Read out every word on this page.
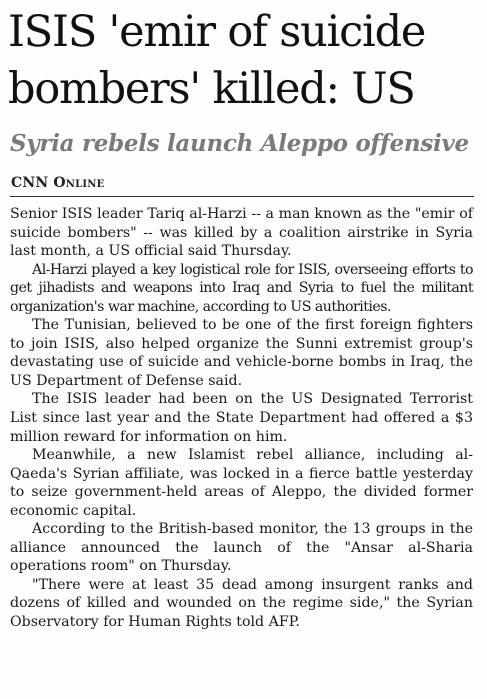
ISIS 'emir of suicide bombers' killed: US
Syria rebels launch Aleppo offensive
CNN Online

Senior ISIS leader Tariq al-Harzi -- a man known as the "emir of suicide bombers" -- was killed by a coalition airstrike in Syria last month, a US official said Thursday.

Al-Harzi played a key logistical role for ISIS, overseeing efforts to get jihadists and weapons into Iraq and Syria to fuel the militant organization's war machine, according to US authorities.

The Tunisian, believed to be one of the first foreign fighters to join ISIS, also helped organize the Sunni extremist group's devastating use of suicide and vehicle-borne bombs in Iraq, the US Department of Defense said.

The ISIS leader had been on the US Designated Terrorist List since last year and the State Department had offered a $3 million reward for information on him.

Meanwhile, a new Islamist rebel alliance, including al-Qaeda's Syrian affiliate, was locked in a fierce battle yesterday to seize government-held areas of Aleppo, the divided former economic capital.

According to the British-based monitor, the 13 groups in the alliance announced the launch of the "Ansar al-Sharia operations room" on Thursday.

"There were at least 35 dead among insurgent ranks and dozens of killed and wounded on the regime side," the Syrian Observatory for Human Rights told AFP.
